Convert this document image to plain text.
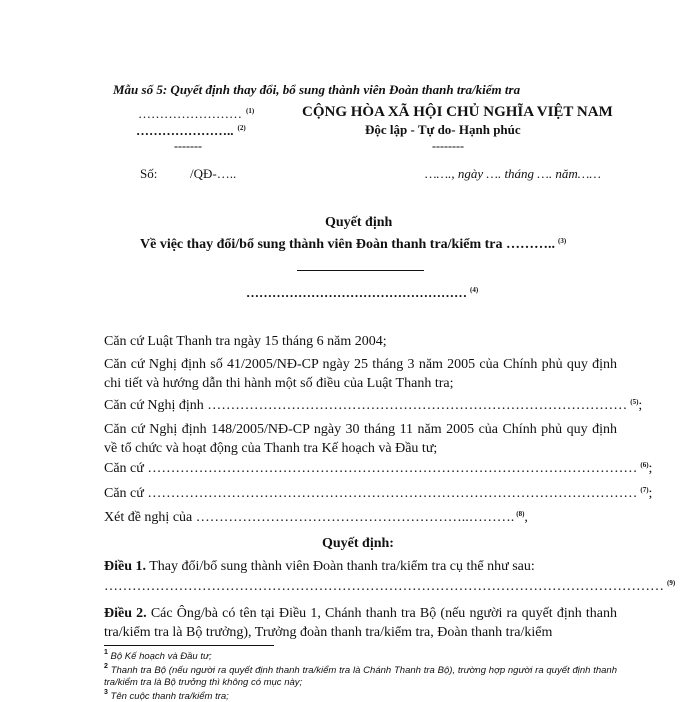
Mẫu số 5: Quyết định thay đổi, bổ sung thành viên Đoàn thanh tra/kiểm tra
…………………… $^{(1)}$
………………….. $^{(2)}$
-------
CỘNG HÒA XÃ HỘI CHỦ NGHĨA VIỆT NAM
Độc lập - Tự do- Hạnh phúc
--------
Số:	/QĐ-…..	……., ngày …. tháng …. năm……
Quyết định
Về việc thay đổi/bổ sung thành viên Đoàn thanh tra/kiểm tra ……….. $^{(3)}$
…………………………………………… $^{(4)}$
Căn cứ Luật Thanh tra ngày 15 tháng 6 năm 2004;
Căn cứ Nghị định số 41/2005/NĐ-CP ngày 25 tháng 3 năm 2005 của Chính phủ quy định chi tiết và hướng dẫn thi hành một số điều của Luật Thanh tra;
Căn cứ Nghị định ……………………………………………………………………………… $^{(5)}$;
Căn cứ Nghị định 148/2005/NĐ-CP ngày 30 tháng 11 năm 2005 của Chính phủ quy định về tổ chức và hoạt động của Thanh tra Kế hoạch và Đầu tư;
Căn cứ …………………………………………………………………………………………… $^{(6)}$;
Căn cứ …………………………………………………………………………………………… $^{(7)}$;
Xét đề nghị của …………………………………………………..………. $^{(8)}$,
Quyết định:
Điều 1. Thay đổi/bổ sung thành viên Đoàn thanh tra/kiểm tra cụ thể như sau:
………………………………………………………………………………………………………… $^{(9)}$
Điều 2. Các Ông/bà có tên tại Điều 1, Chánh thanh tra Bộ (nếu người ra quyết định thanh tra/kiểm tra là Bộ trưởng), Trưởng đoàn thanh tra/kiểm tra, Đoàn thanh tra/kiểm
$^1$ Bộ Kế hoạch và Đầu tư;
$^2$ Thanh tra Bộ (nếu người ra quyết định thanh tra/kiểm tra là Chánh Thanh tra Bộ), trường hợp người ra quyết định thanh tra/kiểm tra là Bộ trưởng thì không có mục này;
$^3$ Tên cuộc thanh tra/kiểm tra;
